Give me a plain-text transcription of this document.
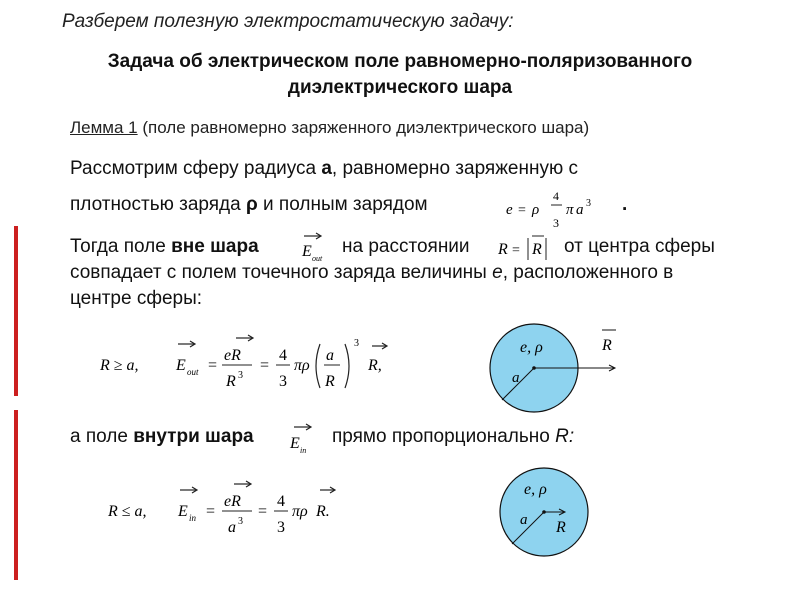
Разберем полезную электростатическую задачу:
Задача об электрическом поле равномерно-поляризованного
диэлектрического шара
Лемма 1 (поле равномерно заряженного диэлектрического шара)
Рассмотрим сферу радиуса а, равномерно заряженную с
плотностью заряда ρ и полным зарядом	e = ρ
4
3
π a 3 .
Тогда поле вне шара	E out
на расстоянии R = R от центра сферы
совпадает с полем точечного заряда величины е, расположенного в
центре сферы:
R ≥ a, E out =
eR
R 3
=
4
3
πρ
a
R
3
R,
e, ρ
a
R
а поле внутри шара E in
прямо пропорционально R:
R ≤ a, E in =
eR
a 3
=
4
3
πρ R.
e, ρ
a R
